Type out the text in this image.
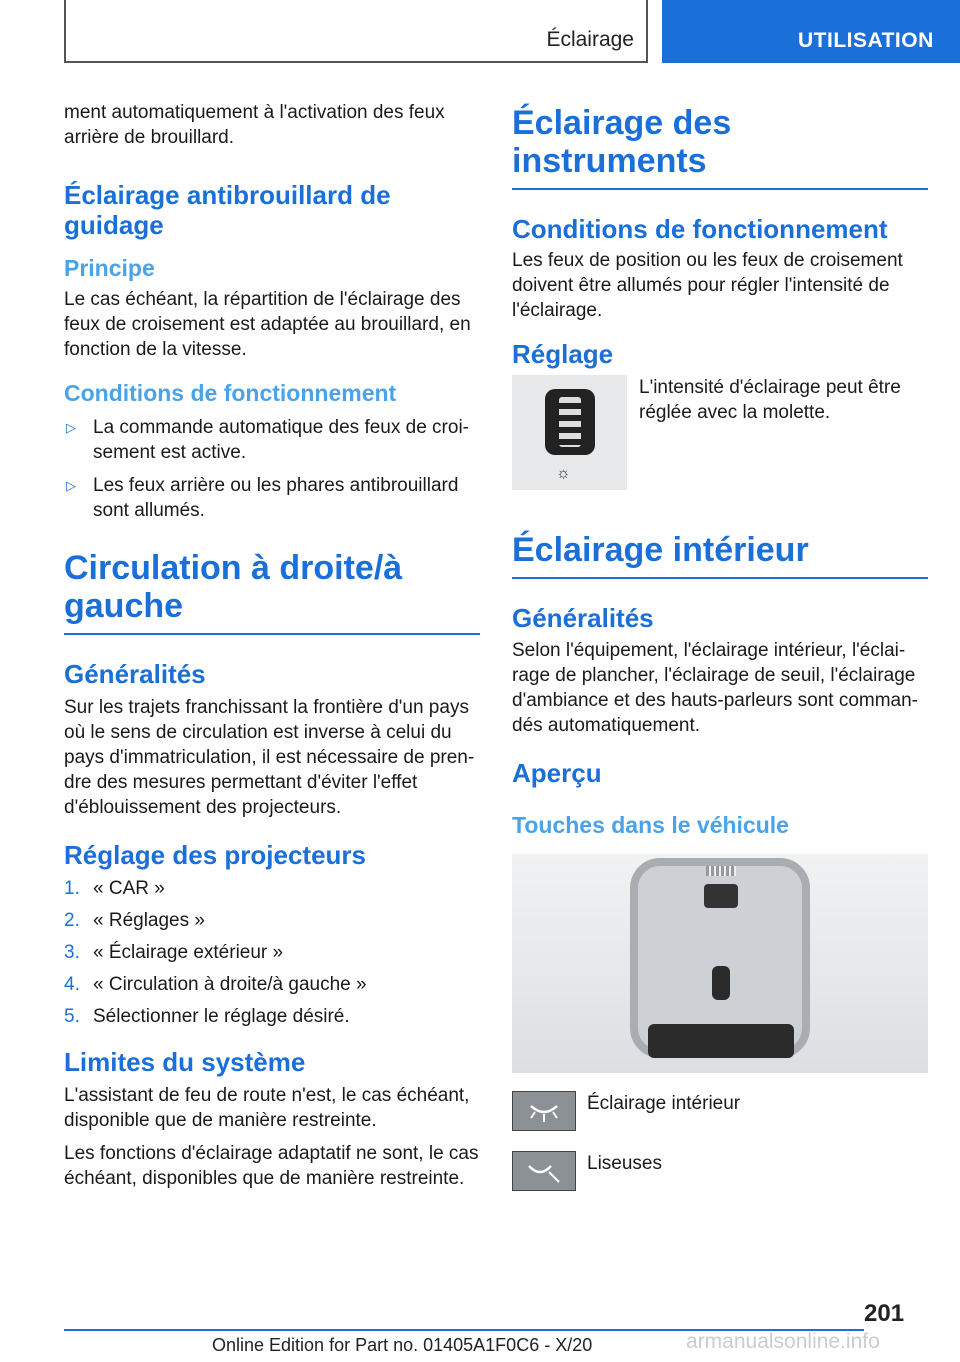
Éclairage	UTILISATION

ment automatiquement à l'activation des feux arrière de brouillard.

Éclairage antibrouillard de guidage
Principe

Le cas échéant, la répartition de l'éclairage des feux de croisement est adaptée au brouillard, en fonction de la vitesse.

Conditions de fonctionnement
▷ La commande automatique des feux de croisement est active.
▷ Les feux arrière ou les phares antibrouillard sont allumés.
Circulation à droite/à gauche
Généralités

Sur les trajets franchissant la frontière d'un pays où le sens de circulation est inverse à celui du pays d'immatriculation, il est nécessaire de prendre des mesures permettant d'éviter l'effet d'éblouissement des projecteurs.

Réglage des projecteurs
1. « CAR »
2. « Réglages »
3. « Éclairage extérieur »
4. « Circulation à droite/à gauche »
5. Sélectionner le réglage désiré.
Limites du système

L'assistant de feu de route n'est, le cas échéant, disponible que de manière restreinte.

Les fonctions d'éclairage adaptatif ne sont, le cas échéant, disponibles que de manière restreinte.

Éclairage des instruments
Conditions de fonctionnement

Les feux de position ou les feux de croisement doivent être allumés pour régler l'intensité de l'éclairage.

Réglage
☼

L'intensité d'éclairage peut être réglée avec la molette.

Éclairage intérieur
Généralités

Selon l'équipement, l'éclairage intérieur, l'éclairage de plancher, l'éclairage de seuil, l'éclairage d'ambiance et des hauts-parleurs sont commandés automatiquement.

Aperçu
Touches dans le véhicule

Éclairage intérieur

Liseuses

201
Online Edition for Part no. 01405A1F0C6 - X/20	armanualsonline.info
